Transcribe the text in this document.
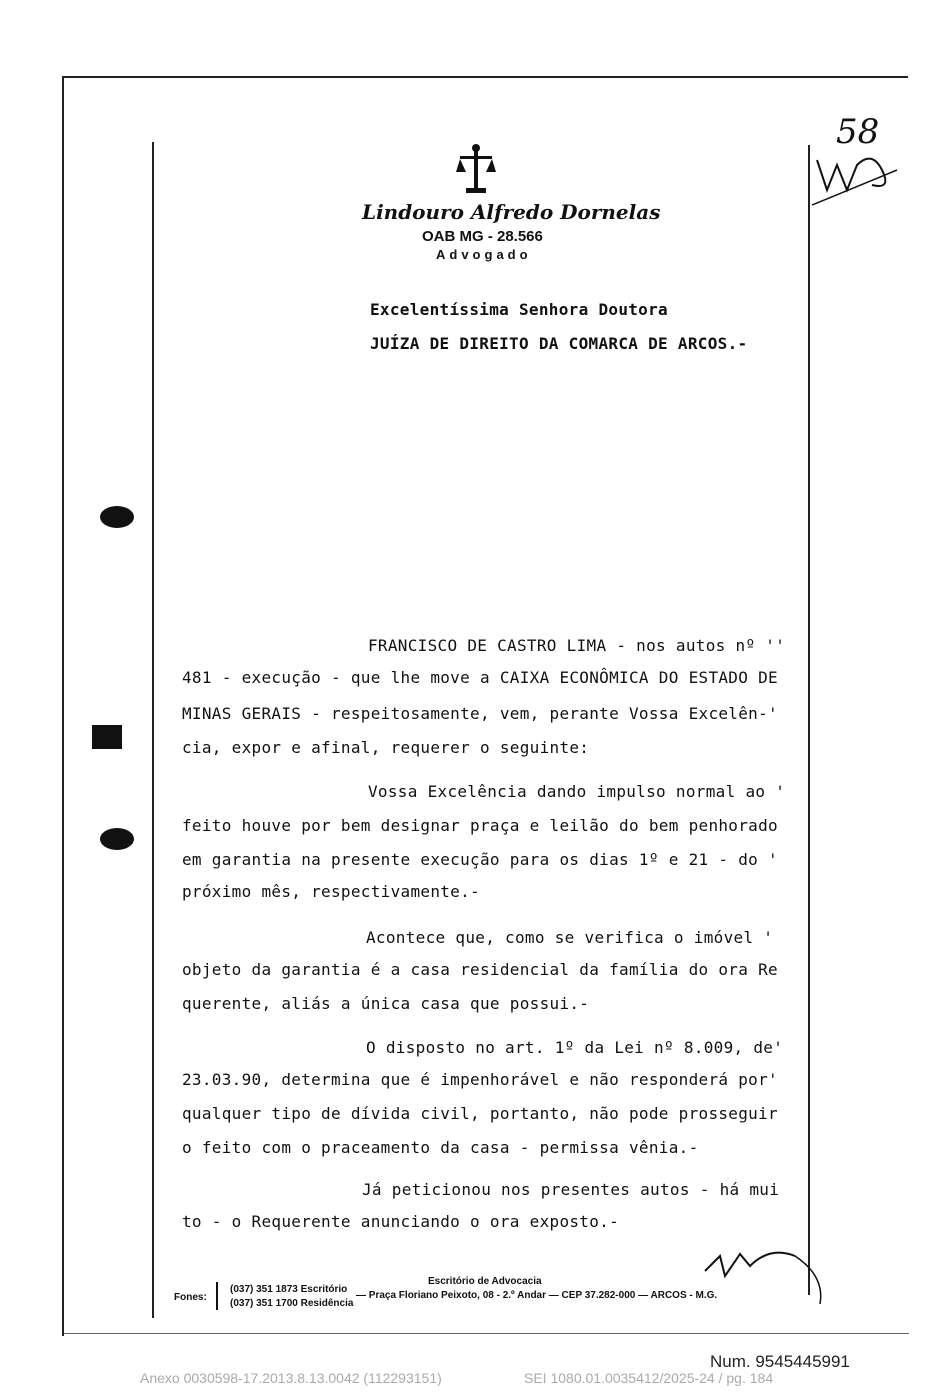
58
Lindouro Alfredo Dornelas
OAB MG - 28.566
Advogado
Excelentíssima Senhora Doutora
JUÍZA DE DIREITO DA COMARCA DE ARCOS.-
FRANCISCO DE CASTRO LIMA - nos autos nº ''
481 - execução - que lhe move a CAIXA ECONÔMICA DO ESTADO DE
MINAS GERAIS - respeitosamente, vem, perante Vossa Excelên-'
cia, expor e afinal, requerer o seguinte:
Vossa Excelência dando impulso normal ao '
feito houve por bem designar praça e leilão do bem penhorado
em garantia na presente execução para os dias 1º e 21 - do '
próximo mês, respectivamente.-
Acontece que, como se verifica o imóvel '
objeto da garantia é a casa residencial da família do ora Re
querente, aliás a única casa que possui.-
O disposto no art. 1º da Lei nº 8.009, de'
23.03.90, determina que é impenhorável e não responderá por'
qualquer tipo de dívida civil, portanto, não pode prosseguir
o feito com o praceamento da casa - permissa vênia.-
Já peticionou nos presentes autos - há mui
to - o Requerente anunciando o ora exposto.-
Escritório de Advocacia
Fones:
(037) 351 1873 Escritório
(037) 351 1700 Residência
— Praça Floriano Peixoto, 08 - 2.º Andar — CEP 37.282-000 — ARCOS - M.G.
Num. 9545445991
Anexo 0030598-17.2013.8.13.0042 (112293151)	SEI 1080.01.0035412/2025-24 / pg. 184
